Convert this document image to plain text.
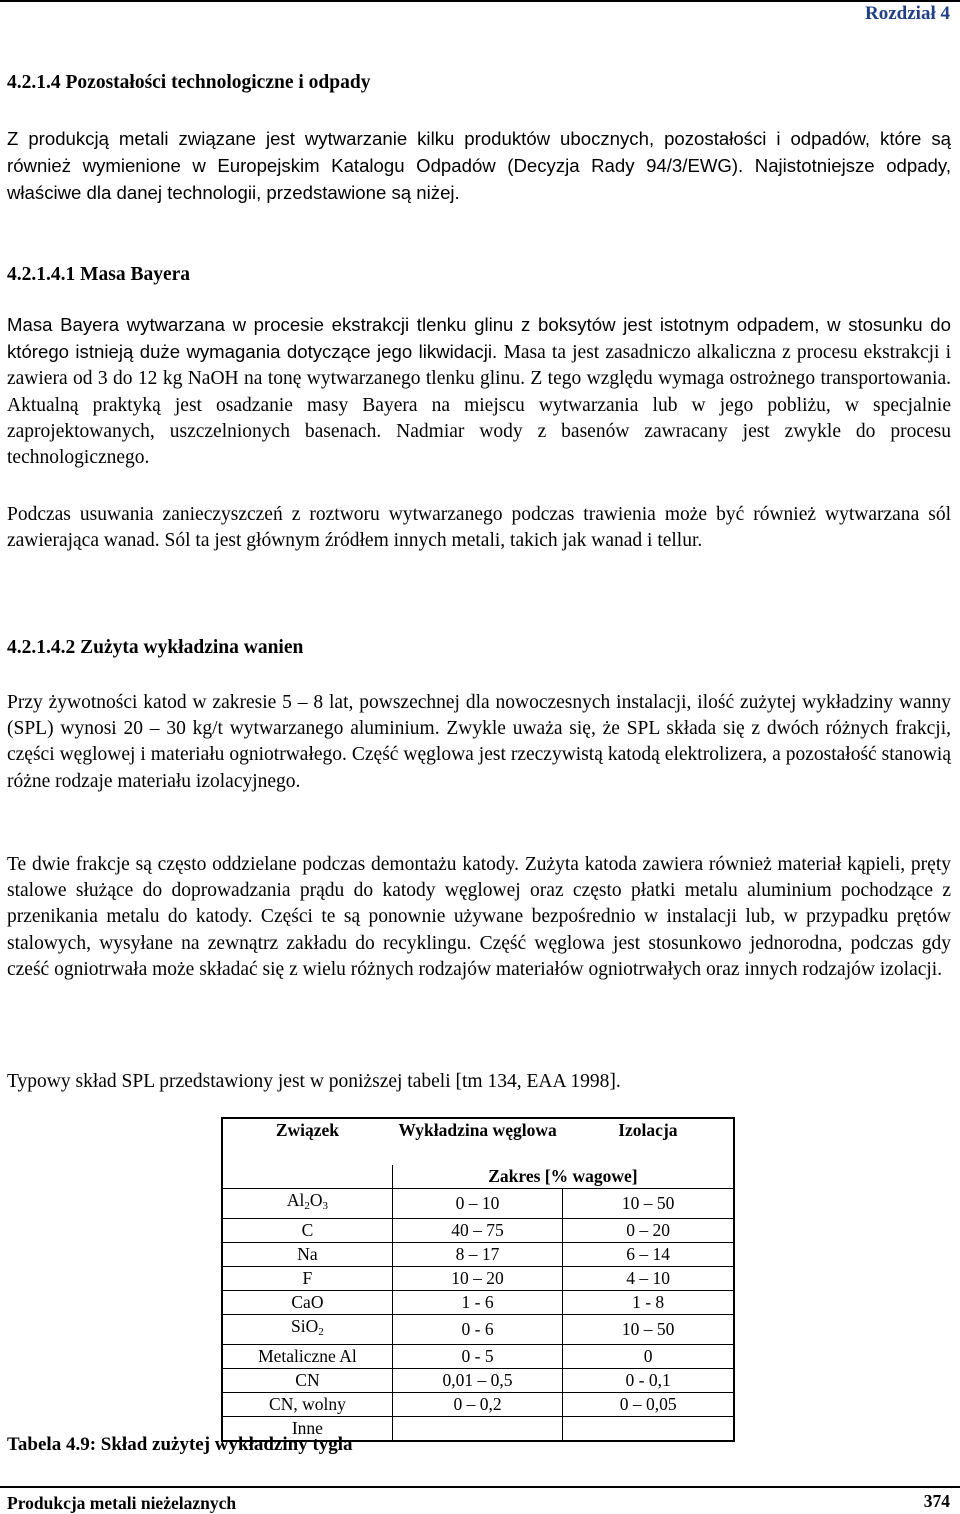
Rozdział 4
4.2.1.4 Pozostałości technologiczne i odpady

Z produkcją metali związane jest wytwarzanie kilku produktów ubocznych, pozostałości i odpadów, które są również wymienione w Europejskim Katalogu Odpadów (Decyzja Rady 94/3/EWG). Najistotniejsze odpady, właściwe dla danej technologii, przedstawione są niżej.

4.2.1.4.1 Masa Bayera

Masa Bayera wytwarzana w procesie ekstrakcji tlenku glinu z boksytów jest istotnym odpadem, w stosunku do którego istnieją duże wymagania dotyczące jego likwidacji. Masa ta jest zasadniczo alkaliczna z procesu ekstrakcji i zawiera od 3 do 12 kg NaOH na tonę wytwarzanego tlenku glinu. Z tego względu wymaga ostrożnego transportowania. Aktualną praktyką jest osadzanie masy Bayera na miejscu wytwarzania lub w jego pobliżu, w specjalnie zaprojektowanych, uszczelnionych basenach. Nadmiar wody z basenów zawracany jest zwykle do procesu technologicznego.

Podczas usuwania zanieczyszczeń z roztworu wytwarzanego podczas trawienia może być również wytwarzana sól zawierająca wanad. Sól ta jest głównym źródłem innych metali, takich jak wanad i tellur.

4.2.1.4.2 Zużyta wykładzina wanien

Przy żywotności katod w zakresie 5 – 8 lat, powszechnej dla nowoczesnych instalacji, ilość zużytej wykładziny wanny (SPL) wynosi 20 – 30 kg/t wytwarzanego aluminium. Zwykle uważa się, że SPL składa się z dwóch różnych frakcji, części węglowej i materiału ogniotrwałego. Część węglowa jest rzeczywistą katodą elektrolizera, a pozostałość stanowią różne rodzaje materiału izolacyjnego.

Te dwie frakcje są często oddzielane podczas demontażu katody. Zużyta katoda zawiera również materiał kąpieli, pręty stalowe służące do doprowadzania prądu do katody węglowej oraz często płatki metalu aluminium pochodzące z przenikania metalu do katody. Części te są ponownie używane bezpośrednio w instalacji lub, w przypadku prętów stalowych, wysyłane na zewnątrz zakładu do recyklingu. Część węglowa jest stosunkowo jednorodna, podczas gdy cześć ogniotrwała może składać się z wielu różnych rodzajów materiałów ogniotrwałych oraz innych rodzajów izolacji.

Typowy skład SPL przedstawiony jest w poniższej tabeli [tm 134, EAA 1998].

Związek	Wykładzina węglowa	Izolacja
	Zakres [% wagowe]	
$Al_2O_3$	0 – 10	10 – 50
C	40 – 75	0 – 20
Na	8 – 17	6 – 14
F	10 – 20	4 – 10
CaO	1 - 6	1 - 8
SiO$_2$	0 - 6	10 – 50
Metaliczne Al	0 - 5	0
CN	0,01 – 0,5	0 - 0,1
CN, wolny	0 – 0,2	0 – 0,05
Inne		

Tabela 4.9: Skład zużytej wykładziny tygla

Produkcja metali nieżelaznych	374
